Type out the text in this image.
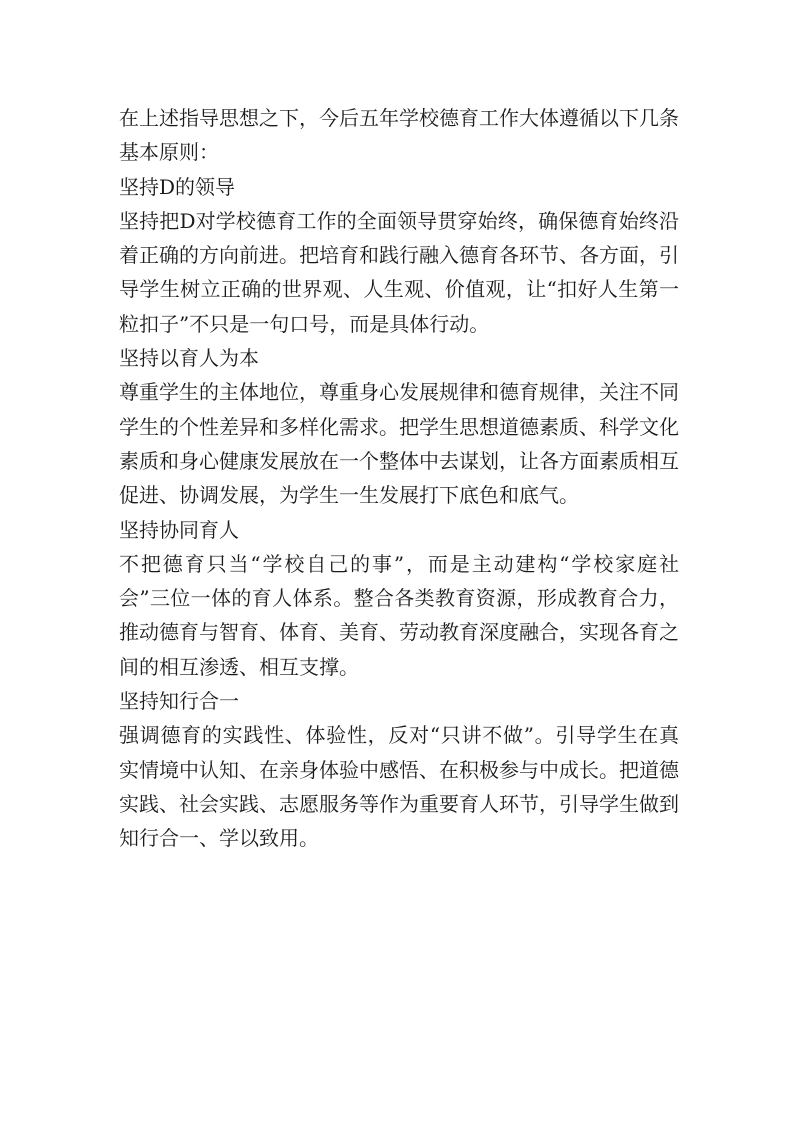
在上述指导思想之下，今后五年学校德育工作大体遵循以下几条基本原则：

坚持D的领导

坚持把D对学校德育工作的全面领导贯穿始终，确保德育始终沿着正确的方向前进。把培育和践行融入德育各环节、各方面，引导学生树立正确的世界观、人生观、价值观，让“扣好人生第一粒扣子”不只是一句口号，而是具体行动。

坚持以育人为本

尊重学生的主体地位，尊重身心发展规律和德育规律，关注不同学生的个性差异和多样化需求。把学生思想道德素质、科学文化素质和身心健康发展放在一个整体中去谋划，让各方面素质相互促进、协调发展，为学生一生发展打下底色和底气。

坚持协同育人

不把德育只当“学校自己的事”，而是主动建构“学校家庭社会”三位一体的育人体系。整合各类教育资源，形成教育合力，推动德育与智育、体育、美育、劳动教育深度融合，实现各育之间的相互渗透、相互支撑。

坚持知行合一

强调德育的实践性、体验性，反对“只讲不做”。引导学生在真实情境中认知、在亲身体验中感悟、在积极参与中成长。把道德实践、社会实践、志愿服务等作为重要育人环节，引导学生做到知行合一、学以致用。
